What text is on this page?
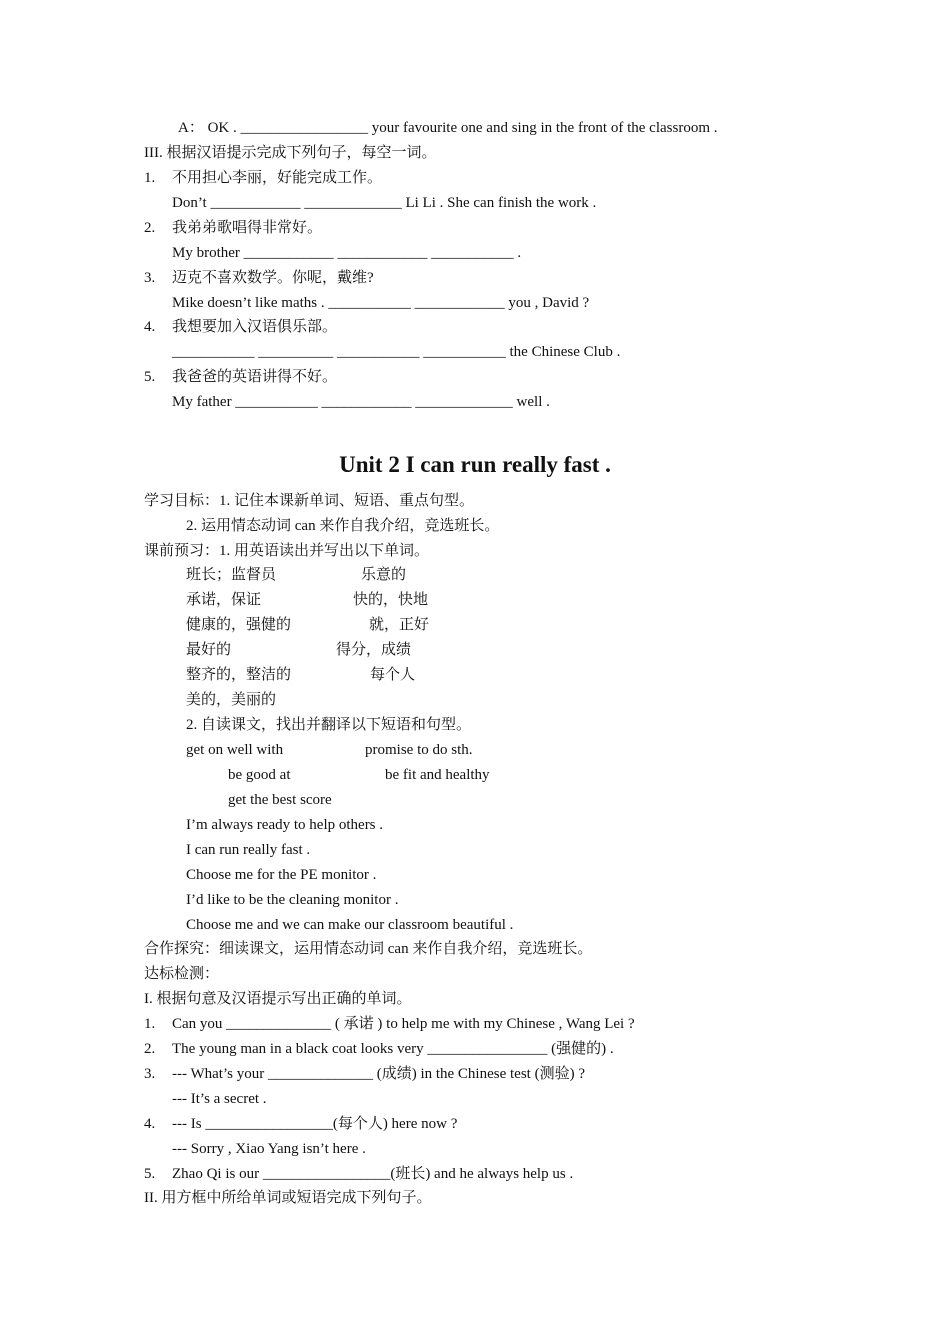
A： OK . _________________ your favourite one and sing in the front of the classroom .
III. 根据汉语提示完成下列句子，每空一词。
1. 不用担心李丽，好能完成工作。
Don’t ____________ _____________ Li Li . She can finish the work .
2. 我弟弟歌唱得非常好。
My brother ____________ ____________ ___________ .
3. 迈克不喜欢数学。你呢，戴维?
Mike doesn’t like maths . ___________ ____________ you , David ?
4. 我想要加入汉语俱乐部。
___________ __________ ___________ ___________ the Chinese Club .
5. 我爸爸的英语讲得不好。
My father ___________ ____________ _____________ well .
Unit 2 I can run really fast .
学习目标：1. 记住本课新单词、短语、重点句型。
2. 运用情态动词 can 来作自我介绍，竞选班长。
课前预习：1. 用英语读出并写出以下单词。
班长；监督员	乐意的
承诺，保证	快的，快地
健康的，强健的	就，正好
最好的	得分，成绩
整齐的，整洁的	每个人
美的，美丽的
2. 自读课文，找出并翻译以下短语和句型。
get on well with	promise to do sth.
be good at	be fit and healthy
get the best score
I’m always ready to help others .
I can run really fast .
Choose me for the PE monitor .
I’d like to be the cleaning monitor .
Choose me and we can make our classroom beautiful .
合作探究：细读课文，运用情态动词 can 来作自我介绍，竞选班长。
达标检测：
I. 根据句意及汉语提示写出正确的单词。
1. Can you ______________ ( 承诺 ) to help me with my Chinese , Wang Lei ?
2. The young man in a black coat looks very ________________ (强健的) .
3. --- What’s your ______________ (成绩) in the Chinese test (测验) ?
--- It’s a secret .
4. --- Is _________________(每个人) here now ?
--- Sorry , Xiao Yang isn’t here .
5. Zhao Qi is our _________________(班长) and he always help us .
II. 用方框中所给单词或短语完成下列句子。
